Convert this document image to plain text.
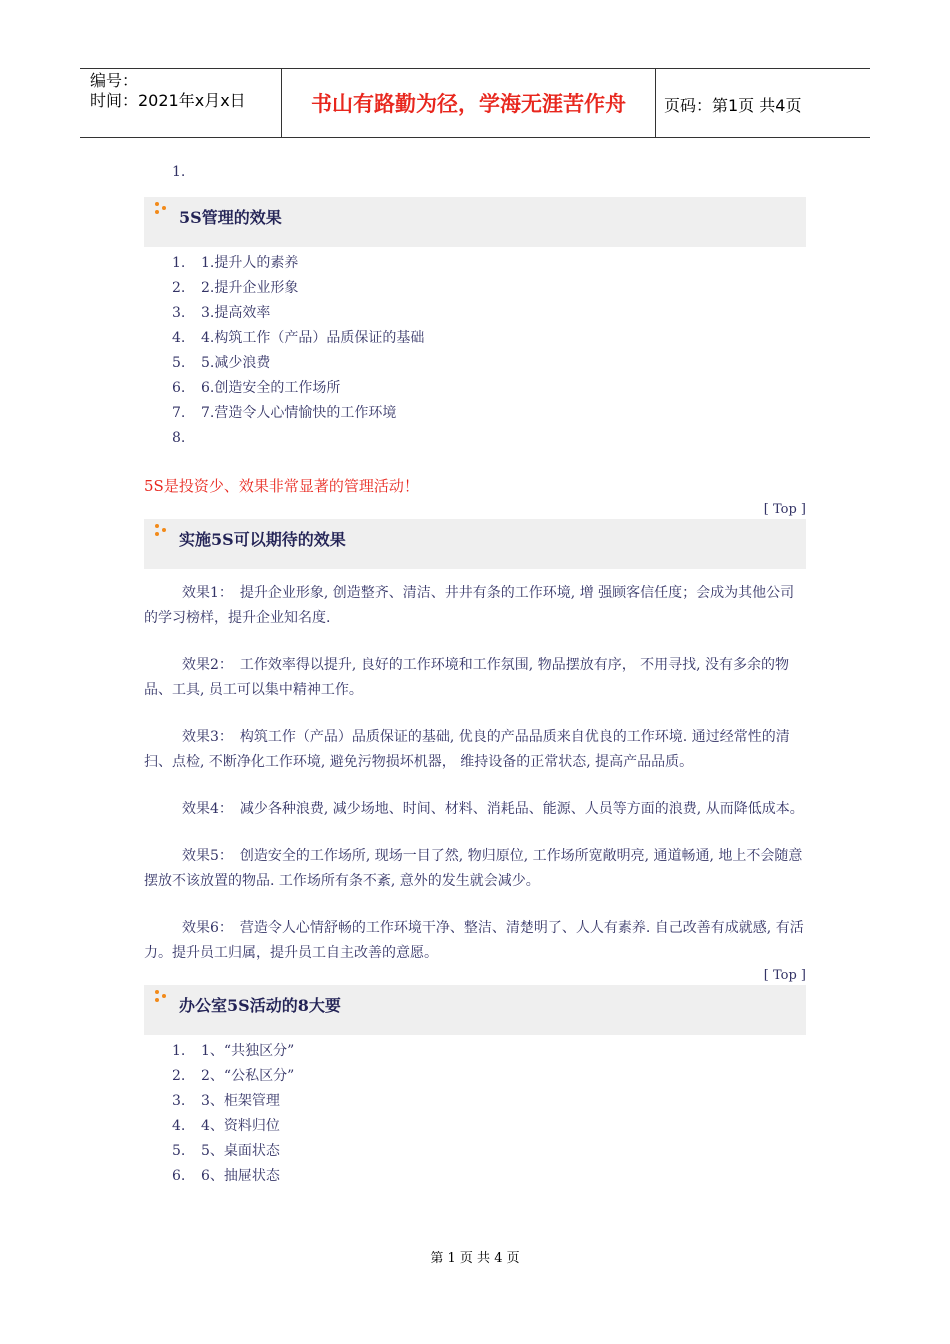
编号：
时间：2021年x月x日	书山有路勤为径，学海无涯苦作舟	页码：第1页 共4页
1.
5S管理的效果
1. 1.提升人的素养
2. 2.提升企业形象
3. 3.提高效率
4. 4.构筑工作（产品）品质保证的基础
5. 5.减少浪费
6. 6.创造安全的工作场所
7. 7.营造令人心情愉快的工作环境
8.
5S是投资少、效果非常显著的管理活动！
[ Top ]
实施5S可以期待的效果

效果1：　提升企业形象, 创造整齐、清洁、井井有条的工作环境, 增 强顾客信任度；会成为其他公司的学习榜样，提升企业知名度.

效果2：　工作效率得以提升, 良好的工作环境和工作氛围, 物品摆放有序， 不用寻找, 没有多余的物品、工具, 员工可以集中精神工作。

效果3：　构筑工作（产品）品质保证的基础, 优良的产品品质来自优良的工作环境. 通过经常性的清扫、点检, 不断净化工作环境, 避免污物损坏机器， 维持设备的正常状态, 提高产品品质。

效果4：　减少各种浪费, 减少场地、时间、材料、消耗品、能源、人员等方面的浪费, 从而降低成本。

效果5：　创造安全的工作场所, 现场一目了然, 物归原位, 工作场所宽敞明亮, 通道畅通, 地上不会随意摆放不该放置的物品. 工作场所有条不紊, 意外的发生就会减少。

效果6：　营造令人心情舒畅的工作环境干净、整洁、清楚明了、人人有素养. 自己改善有成就感, 有活力。提升员工归属，提升员工自主改善的意愿。

[ Top ]
办公室5S活动的8大要
1. 1、“共独区分”
2. 2、“公私区分”
3. 3、柜架管理
4. 4、资料归位
5. 5、桌面状态
6. 6、抽屉状态
第 1 页 共 4 页
